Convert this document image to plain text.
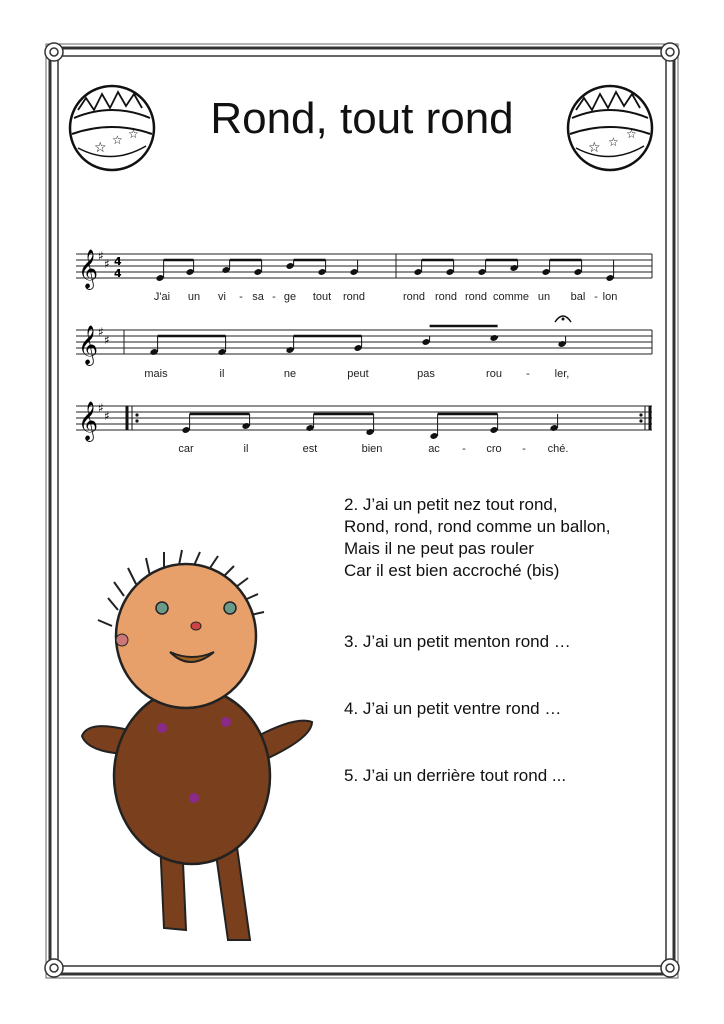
☆ ☆ ☆
☆ ☆
☆
Rond, tout rond
𝄞 ♯
♯ 4
4
𝄞 ♯
♯
𝄞 ♯
♯
J'ai un vi - sa - ge tout rond	rond rond rond comme un bal - lon
mais	il	ne	peut	pas	rou - ler,
car	il	est	bien	ac - cro - ché.
2. J’ai un petit nez tout rond,
Rond, rond, rond comme un ballon,
Mais il ne peut pas rouler
Car il est bien accroché (bis)
3. J’ai un petit menton rond …
4. J’ai un petit ventre rond …
5. J’ai un derrière tout rond ...
